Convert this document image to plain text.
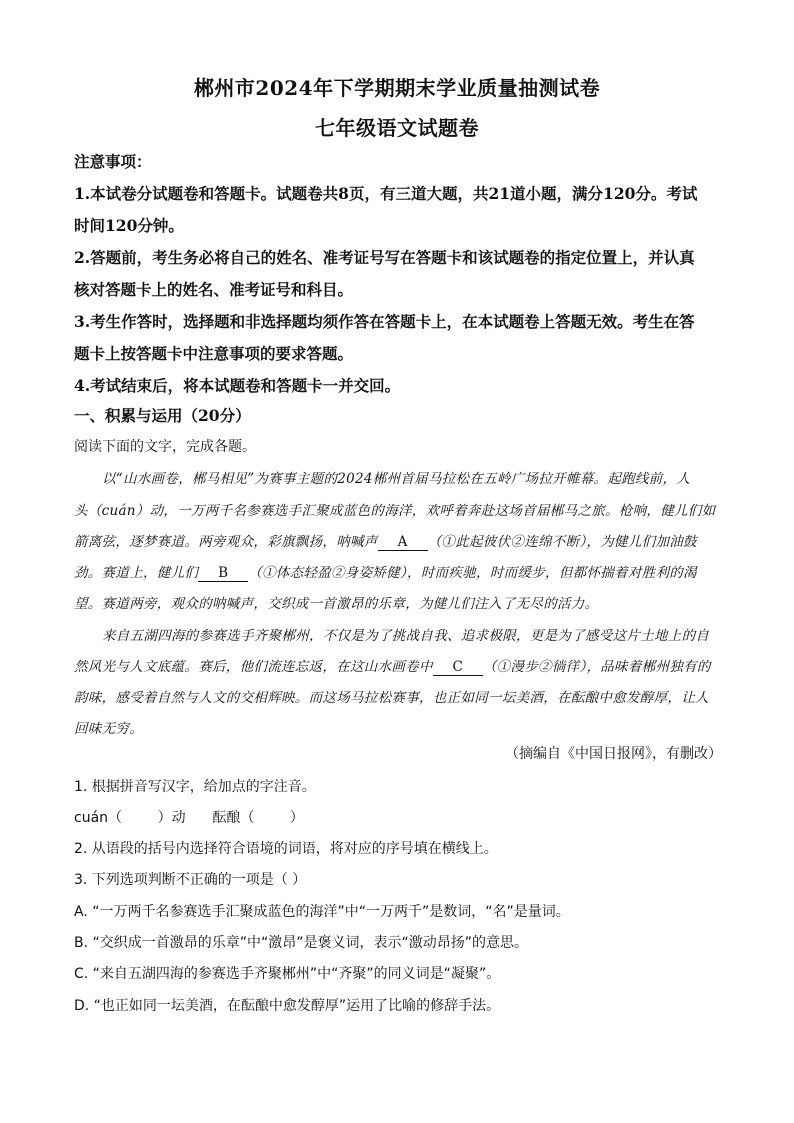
郴州市2024年下学期期末学业质量抽测试卷
七年级语文试题卷
注意事项：
1.本试卷分试题卷和答题卡。试题卷共8页，有三道大题，共21道小题，满分120分。考试
时间120分钟。
2.答题前，考生务必将自己的姓名、准考证号写在答题卡和该试题卷的指定位置上，并认真
核对答题卡上的姓名、准考证号和科目。
3.考生作答时，选择题和非选择题均须作答在答题卡上，在本试题卷上答题无效。考生在答
题卡上按答题卡中注意事项的要求答题。
4.考试结束后，将本试题卷和答题卡一并交回。
一、积累与运用（20分）
阅读下面的文字，完成各题。
以“山水画卷，郴马相见”为赛事主题的2024郴州首届马拉松在五岭广场拉开帷幕。起跑线前，人
头（cuán）动，一万两千名参赛选手汇聚成蓝色的海洋，欢呼着奔赴这场首届郴马之旅。枪响，健儿们如
箭离弦，逐梦赛道。两旁观众，彩旗飘扬，呐喊声 A （①此起彼伏②连绵不断），为健儿们加油鼓
劲。赛道上，健儿们 B （①体态轻盈②身姿矫健），时而疾驰，时而缓步，但都怀揣着对胜利的渴
望。赛道两旁，观众的呐喊声，交织成一首激昂的乐章，为健儿们注入了无尽的活力。
来自五湖四海的参赛选手齐聚郴州，不仅是为了挑战自我、追求极限，更是为了感受这片土地上的自
然风光与人文底蕴。赛后，他们流连忘返，在这山水画卷中 C （①漫步②徜徉），品味着郴州独有的
韵味，感受着自然与人文的交相辉映。而这场马拉松赛事，也正如同一坛美酒，在酝酿中愈发醇厚，让人
回味无穷。
（摘编自《中国日报网》，有删改）
1. 根据拼音写汉字，给加点的字注音。
cuán（        ）动      酝酿（        ）
2. 从语段的括号内选择符合语境的词语，将对应的序号填在横线上。
3. 下列选项判断不正确的一项是（ ）
A. “一万两千名参赛选手汇聚成蓝色的海洋”中“一万两千”是数词，“名”是量词。
B. “交织成一首激昂的乐章”中“激昂”是褒义词，表示“激动昂扬”的意思。
C. “来自五湖四海的参赛选手齐聚郴州”中“齐聚”的同义词是“凝聚”。
D. “也正如同一坛美酒，在酝酿中愈发醇厚”运用了比喻的修辞手法。
